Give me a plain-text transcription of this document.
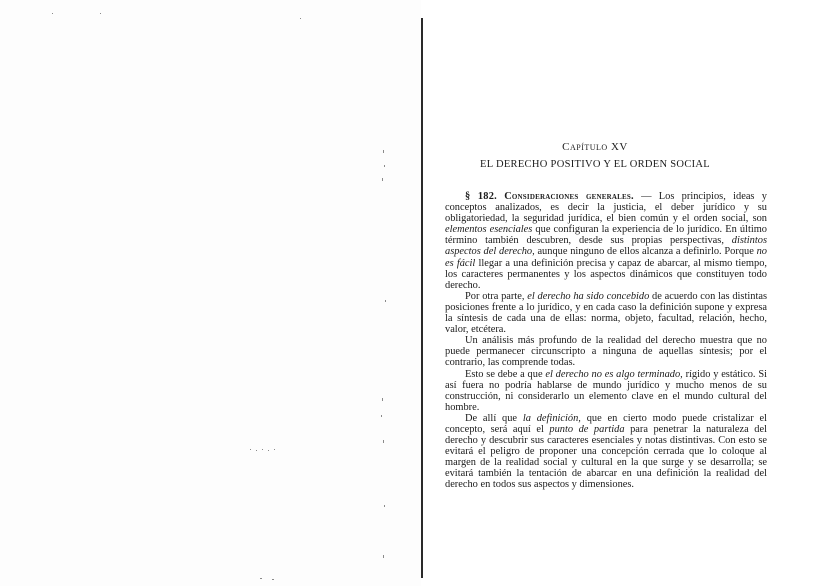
Capítulo XV
EL DERECHO POSITIVO Y EL ORDEN SOCIAL

§ 182. Consideraciones generales. — Los principios, ideas y conceptos analizados, es decir la justicia, el deber jurídico y su obligatoriedad, la seguridad jurídica, el bien común y el orden social, son elementos esenciales que configuran la experiencia de lo jurídico. En último término también descubren, desde sus propias perspectivas, distintos aspectos del derecho, aunque ninguno de ellos alcanza a definirlo. Porque no es fácil llegar a una definición precisa y capaz de abarcar, al mismo tiempo, los caracteres permanentes y los aspectos dinámicos que constituyen todo derecho.

Por otra parte, el derecho ha sido concebido de acuerdo con las distintas posiciones frente a lo jurídico, y en cada caso la definición supone y expresa la síntesis de cada una de ellas: norma, objeto, facultad, relación, hecho, valor, etcétera.

Un análisis más profundo de la realidad del derecho muestra que no puede permanecer circunscripto a ninguna de aquellas síntesis; por el contrario, las comprende todas.

Esto se debe a que el derecho no es algo terminado, rígido y estático. Si así fuera no podría hablarse de mundo jurídico y mucho menos de su construcción, ni considerarlo un elemento clave en el mundo cultural del hombre.

De allí que la definición, que en cierto modo puede cristalizar el concepto, será aquí el punto de partida para penetrar la naturaleza del derecho y descubrir sus caracteres esenciales y notas distintivas. Con esto se evitará el peligro de proponer una concepción cerrada que lo coloque al margen de la realidad social y cultural en la que surge y se desarrolla; se evitará también la tentación de abarcar en una definición la realidad del derecho en todos sus aspectos y dimensiones.
